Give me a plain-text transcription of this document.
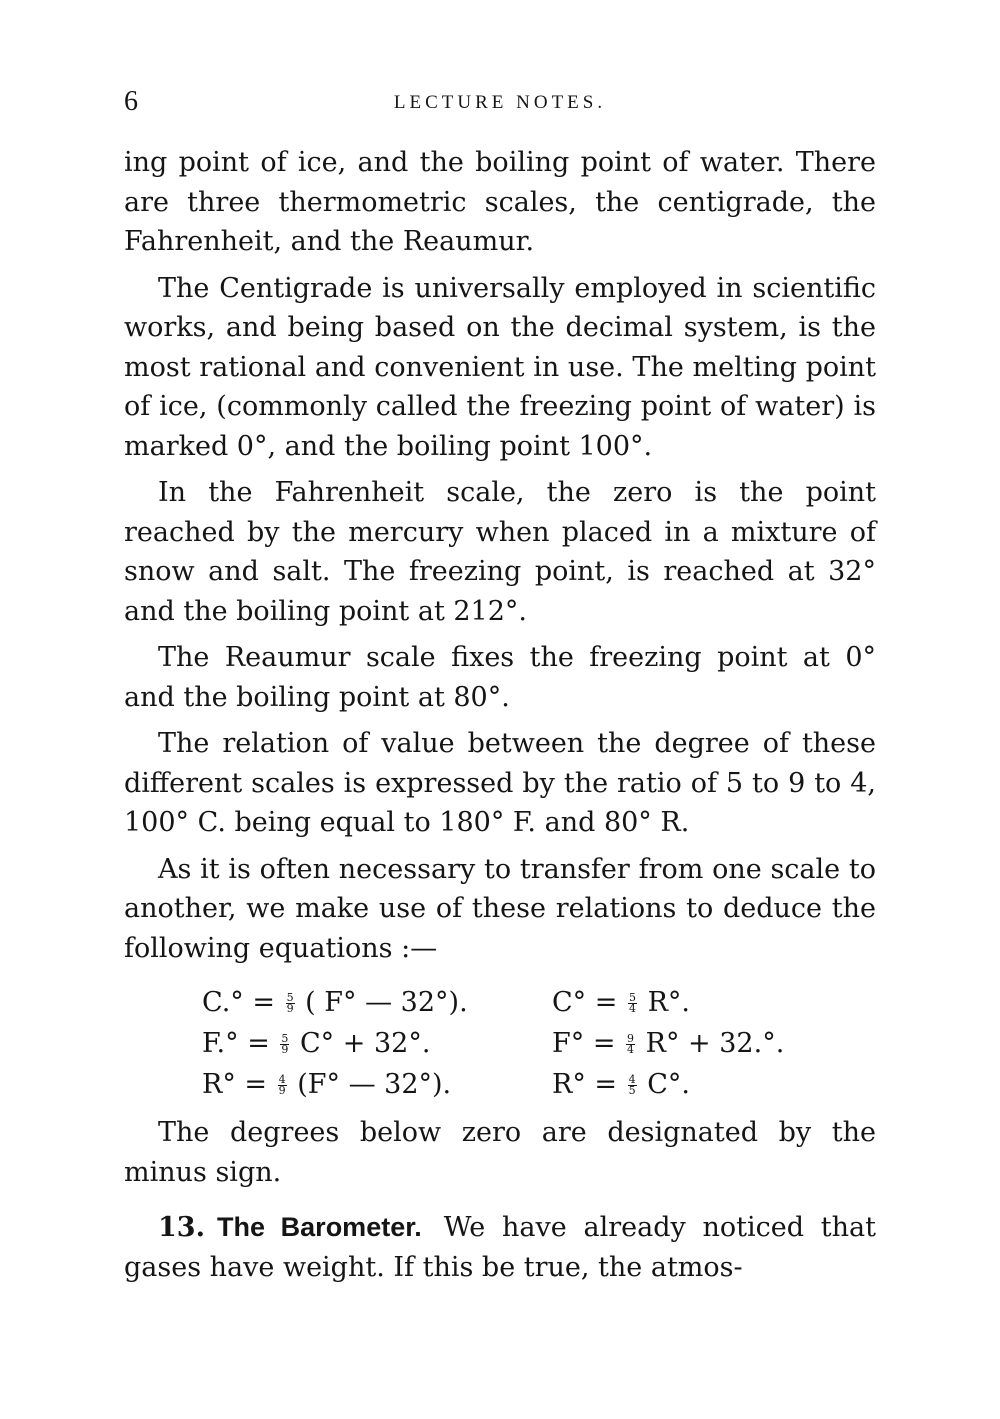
6	LECTURE NOTES.

ing point of ice, and the boiling point of water. There are three thermometric scales, the centigrade, the Fahrenheit, and the Reaumur.

The Centigrade is universally employed in scientific works, and being based on the decimal system, is the most rational and convenient in use. The melting point of ice, (commonly called the freezing point of water) is marked 0°, and the boiling point 100°.

In the Fahrenheit scale, the zero is the point reached by the mercury when placed in a mixture of snow and salt. The freezing point, is reached at 32° and the boiling point at 212°.

The Reaumur scale fixes the freezing point at 0° and the boiling point at 80°.

The relation of value between the degree of these different scales is expressed by the ratio of 5 to 9 to 4, 100° C. being equal to 180° F. and 80° R.

As it is often necessary to transfer from one scale to another, we make use of these relations to deduce the following equations :—

$C.^\circ = \frac{5}{9}$ ( F° — 32°).	$C^\circ = \frac{5}{4} R^\circ$.
$F.^\circ = \frac{5}{9} C^\circ + 32^\circ$.	$F^\circ = \frac{9}{4} R^\circ + 32.^\circ$.
$R^\circ = \frac{4}{9} (F^\circ$ — 32°).	$R^\circ = \frac{4}{5} C^\circ$.

The degrees below zero are designated by the minus sign.

13. The Barometer. We have already noticed that gases have weight. If this be true, the atmos-
